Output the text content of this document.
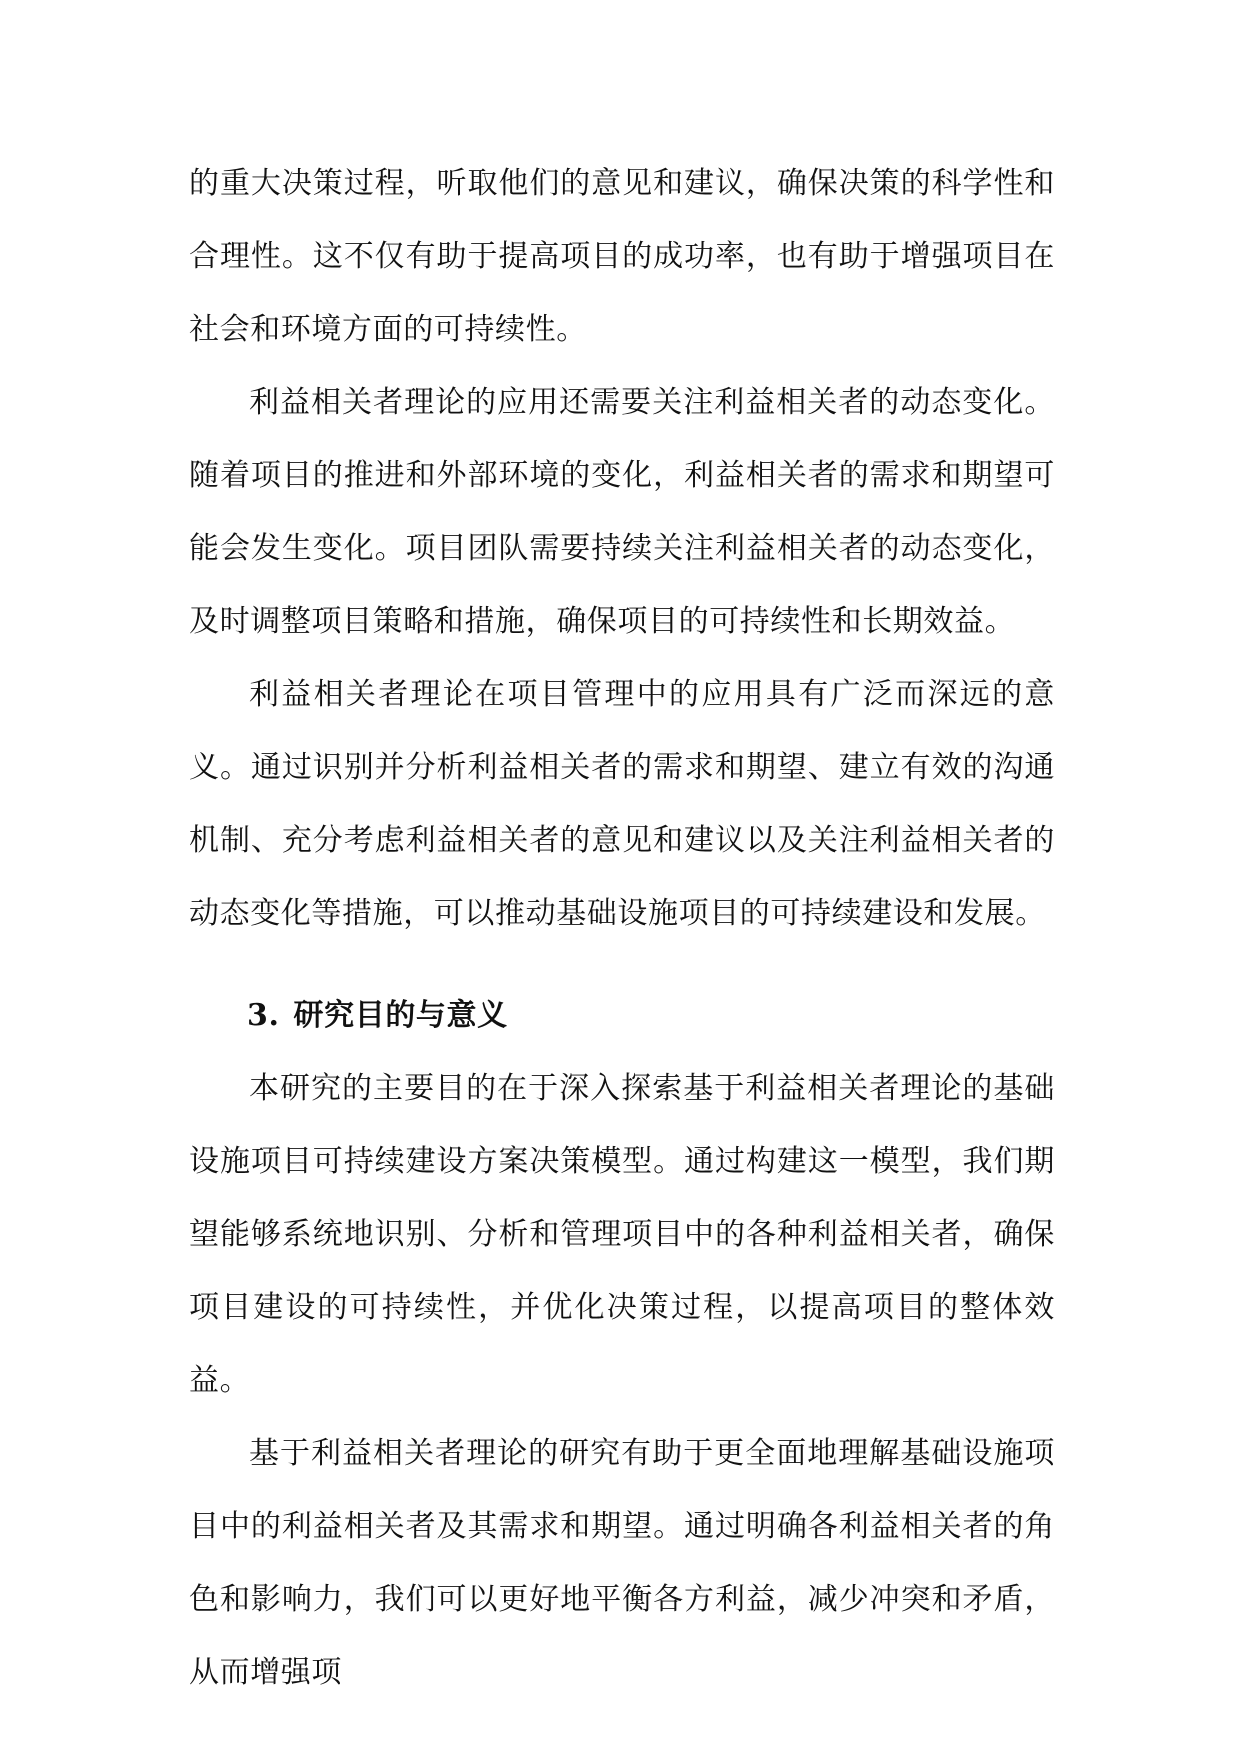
的重大决策过程，听取他们的意见和建议，确保决策的科学性和合理性。这不仅有助于提高项目的成功率，也有助于增强项目在社会和环境方面的可持续性。

利益相关者理论的应用还需要关注利益相关者的动态变化。随着项目的推进和外部环境的变化，利益相关者的需求和期望可能会发生变化。项目团队需要持续关注利益相关者的动态变化，及时调整项目策略和措施，确保项目的可持续性和长期效益。

利益相关者理论在项目管理中的应用具有广泛而深远的意义。通过识别并分析利益相关者的需求和期望、建立有效的沟通机制、充分考虑利益相关者的意见和建议以及关注利益相关者的动态变化等措施，可以推动基础设施项目的可持续建设和发展。

3. 研究目的与意义

本研究的主要目的在于深入探索基于利益相关者理论的基础设施项目可持续建设方案决策模型。通过构建这一模型，我们期望能够系统地识别、分析和管理项目中的各种利益相关者，确保项目建设的可持续性，并优化决策过程，以提高项目的整体效益。

基于利益相关者理论的研究有助于更全面地理解基础设施项目中的利益相关者及其需求和期望。通过明确各利益相关者的角色和影响力，我们可以更好地平衡各方利益，减少冲突和矛盾，从而增强项
